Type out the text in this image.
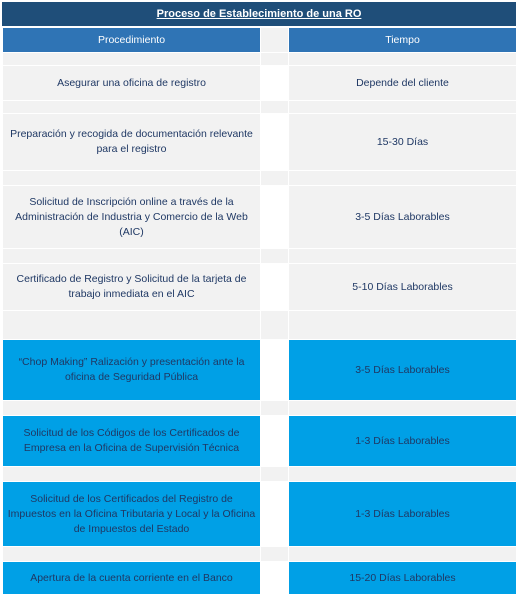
Proceso de Establecimiento de una RO
Procedimiento		Tiempo

Asegurar una oficina de registro		Depende del cliente

Preparación y recogida de documentación relevante para el registro		15-30 Días

Solicitud de Inscripción online a través de la Administración de Industria y Comercio de la Web (AIC)		3-5 Días Laborables

Certificado de Registro y Solicitud de la tarjeta de trabajo inmediata en el AIC		5-10 Días Laborables

“Chop Making” Ralización y presentación ante la oficina de Seguridad Pública		3-5 Días Laborables

Solicitud de los Códigos de los Certificados de Empresa en la Oficina de Supervisión Técnica		1-3 Días Laborables

Solicitud de los Certificados del Registro de Impuestos en la Oficina Tributaria y Local y la Oficina de Impuestos del Estado		1-3 Días Laborables

Apertura de la cuenta corriente en el Banco		15-20 Días Laborables
